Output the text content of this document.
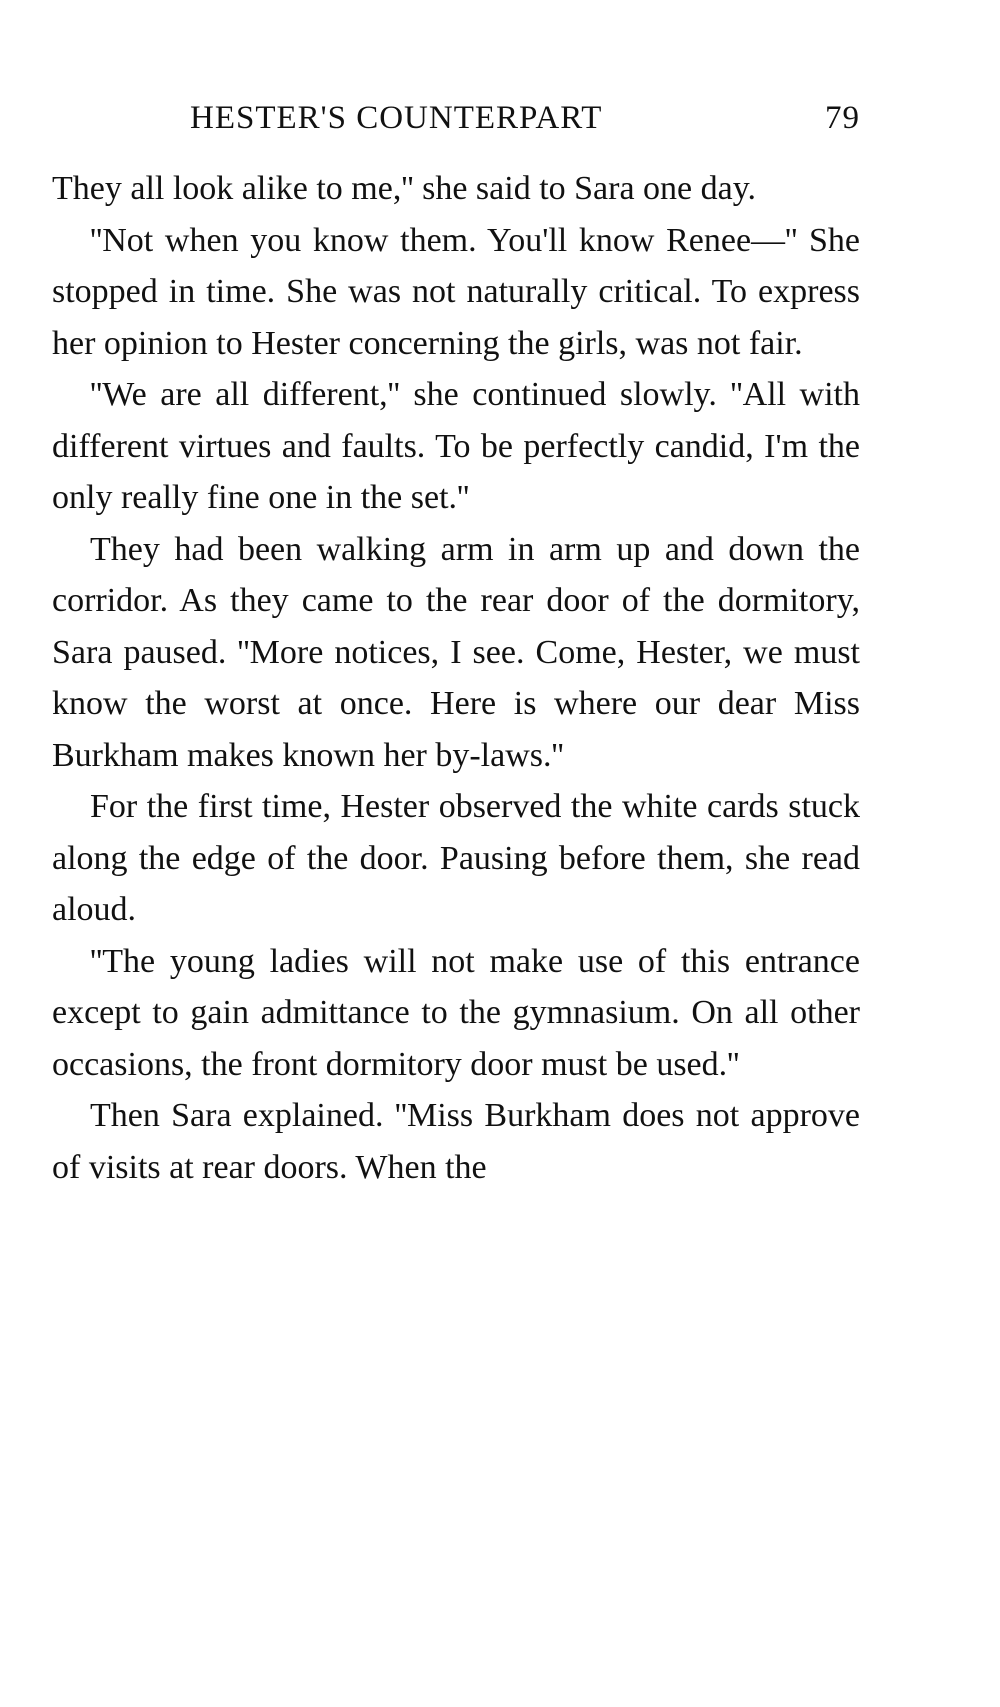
HESTER'S COUNTERPART	79

They all look alike to me,'' she said to Sara one day.

''Not when you know them. You'll know Renee—'' She stopped in time. She was not naturally critical. To express her opinion to Hester concerning the girls, was not fair.

''We are all different,'' she continued slowly. ''All with different virtues and faults. To be perfectly candid, I'm the only really fine one in the set.''

They had been walking arm in arm up and down the corridor. As they came to the rear door of the dormitory, Sara paused. ''More notices, I see. Come, Hester, we must know the worst at once. Here is where our dear Miss Burkham makes known her by-laws.''

For the first time, Hester observed the white cards stuck along the edge of the door. Pausing before them, she read aloud.

''The young ladies will not make use of this entrance except to gain admittance to the gymnasium. On all other occasions, the front dormitory door must be used.''

Then Sara explained. ''Miss Burkham does not approve of visits at rear doors. When the
